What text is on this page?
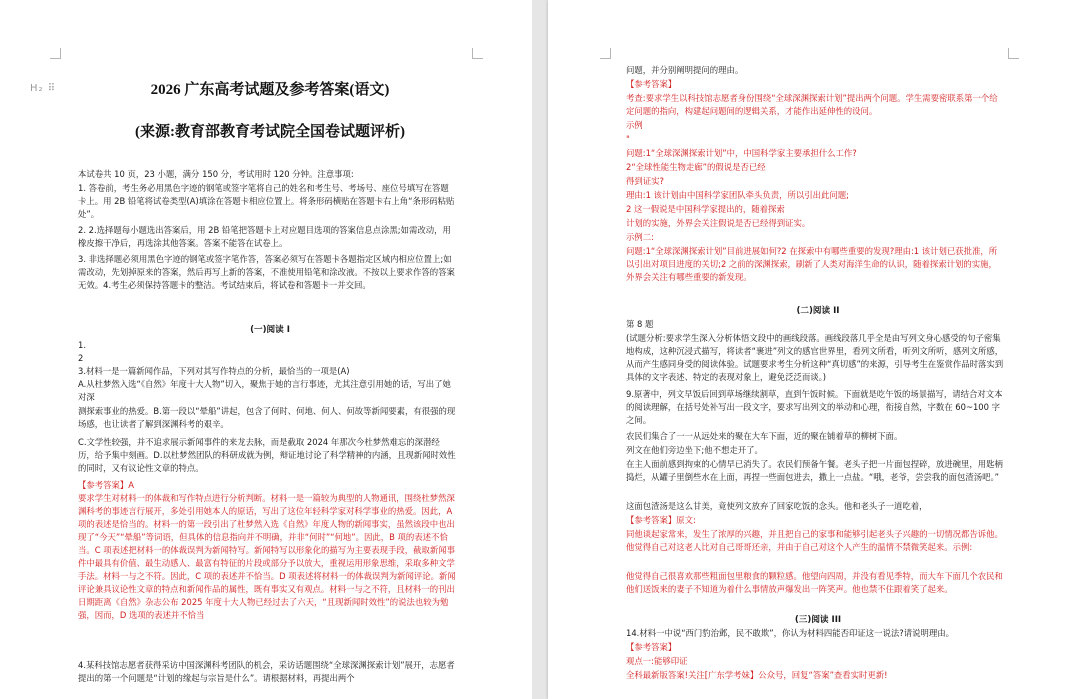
H₂ ⠿	2026 广东高考试题及参考答案(语文)
(来源:教育部教育考试院全国卷试题评析)

本试卷共 10 页，23 小题，满分 150 分，考试用时 120 分钟。注意事项:

1. 答卷前，考生务必用黑色字迹的钢笔或签字笔将自己的姓名和考生号、考场号、座位号填写在答题卡上。用 2B 铅笔将试卷类型(A)填涂在答题卡相应位置上。将条形码横贴在答题卡右上角“条形码粘贴处”。

2. 2.选择题每小题选出答案后，用 2B 铅笔把答题卡上对应题目选项的答案信息点涂黑;如需改动，用橡皮擦干净后，再选涂其他答案。答案不能答在试卷上。

3. 非选择题必须用黑色字迹的钢笔或签字笔作答，答案必须写在答题卡各题指定区域内相应位置上;如需改动，先划掉原来的答案，然后再写上新的答案，不准使用铅笔和涂改液。不按以上要求作答的答案无效。4.考生必须保持答题卡的整洁。考试结束后，将试卷和答题卡一并交回。

(一)阅读 I

1.

2

3.材料一是一篇新闻作品，下列对其写作特点的分析，最恰当的一项是(A)

A.从杜梦然入选“《自然》年度十大人物”切入，聚焦于她的言行事迹，尤其注意引用她的话，写出了她对深

测探索事业的热爱。B.第一段以“晕船”讲起，包含了何时、何地、何人、何故等新闻要素，有很强的现场感，也让读者了解到深渊科考的艰辛。

C.文学性较强，并不追求展示新闻事件的来龙去脉，而是截取 2024 年那次今杜梦然难忘的深潜经历，给予集中刻画。D.以杜梦然团队的科研成就为例，辩证地讨论了科学精神的内涵，且现新闻时效性的同时，又有议论性文章的特点。

【参考答案】A

要求学生对材料一的体裁和写作特点进行分析判断。材料一是一篇较为典型的人物通讯，围绕杜梦然深渊科考的事迹言行展开，多处引用她本人的原话，写出了这位年轻科学家对科学事业的热爱。因此，A 项的表述是恰当的。材料一的第一段引出了杜梦然入选《自然》年度人物的新闻事实，虽然该段中也出现了“今天”“晕船”等词语，但具体的信息指向并不明确，并非“何时”“何地”。因此，B 项的表述不恰当。C 项表述把材料一的体裁误判为新闻特写。新闻特写以形象化的描写为主要表现手段，截取新闻事件中最具有价值、最生动感人、最富有特征的片段或部分予以放大，重视运用形象思维，采取多种文学手法。材料一与之不符。因此，C 项的表述并不恰当。D 项表述将材料一的体裁误判为新闻评论。新闻评论兼具议论性文章的特点和新闻作品的属性，既有事实又有观点。材料一与之不符，且材料一的刊出日期距离《自然》杂志公布 2025 年度十大人物已经过去了六天，“且现新闻时效性”的说法也较为勉强，因而，D 选项的表述并不恰当

4.某科技馆志愿者获得采访中国深渊科考团队的机会，采访话题围绕“全球深渊探索计划”展开，志愿者提出的第一个问题是“计划的缘起与宗旨是什么”。请根据材料，再提出两个

问题，并分别阐明提问的理由。

【参考答案】

考查:要求学生以科技馆志愿者身份围绕“全球深渊探索计划”提出两个问题。学生需要密联系第一个给定问题的指向，构建起问题间的逻辑关系，才能作出延伸性的设问。

示例

"

问题:1“全球深渊探索计划”中，中国科学家主要承担什么工作?

2“全球性能生物走廊”的假说是否已经

得到证实?

理由:1 该计划由中国科学家团队牵头负责，所以引出此问题;

2 这一假说是中国科学家提出的，随着探索

计划的实施，外界会关注假说是否已经得到证实。

示例二:

问题:1“全球深渊探索计划”目前进展如何?2 在探索中有哪些重要的发现?理由:1 该计划已获批准，所以引出对项目进度的关切;2 之前的深渊探索，刷新了人类对海洋生命的认识，随着探索计划的实施，外界会关注有哪些重要的新发现。

(二)阅读 II

第 8 题

(试题分析:要求学生深入分析体悟文段中的画线段落。画线段落几乎全是由写列文身心感受的句子密集地构成，这种沉浸式描写，将读者“裹进”列文的感官世界里，看列文所看，听列文所听，感列文所感，从而产生感同身受的阅读体验。试题要求考生分析这种“真切感”的来源，引导考生在鉴赏作品时落实到具体的文字表述、特定的表现对象上，避免泛泛而谈。)

9.原著中，列文早饭后回到草场继续割草，直到午饭时候。下面就是吃午饭的场景描写，请结合对文本的阅读理解，在括号处补写出一段文字，要求写出列文的举动和心理，衔接自然，字数在 60~100 字之间。

农民们集合了一一从远处来的聚在大车下面，近的聚在铺着草的柳树下面。

列文在他们旁边坐下;他不想走开了。

在主人面前感到拘束的心情早已消失了。农民们预备午餐。老头子把一片面包捏碎，放进碗里，用匙柄捣烂，从罐子里倒些水在上面，再捏一些面包进去，撒上一点盐。“哦，老爷，尝尝我的面包渣汤吧。”

这面包渣汤是这么甘美，竟使列文放弃了回家吃饭的念头。他和老头子一道吃着，

【参考答案】原文:

同他谈起家常来，发生了浓厚的兴趣，并且把自己的家事和能够引起老头子兴趣的一切情况都告诉他。他觉得自己对这老人比对自己哥哥还亲，并由于自己对这个人产生的温情不禁微笑起来。示例:

他觉得自己很喜欢那些粗面包里粮食的颗粒感。他望向四周，并没有看见季特，而大车下面几个农民和他们送饭来的妻子不知道为着什么事情放声爆发出一阵笑声。他也禁不住跟着笑了起来。

(三)阅读 III

14.材料一中说“西门豹治邺，民不敢欺”，你认为材料四能否印证这一说法?请说明理由。

【参考答案】

观点一:能够印证

全科最新版答案!关注[广东学考妹】公众号，回复“答案”查看实时更新!
